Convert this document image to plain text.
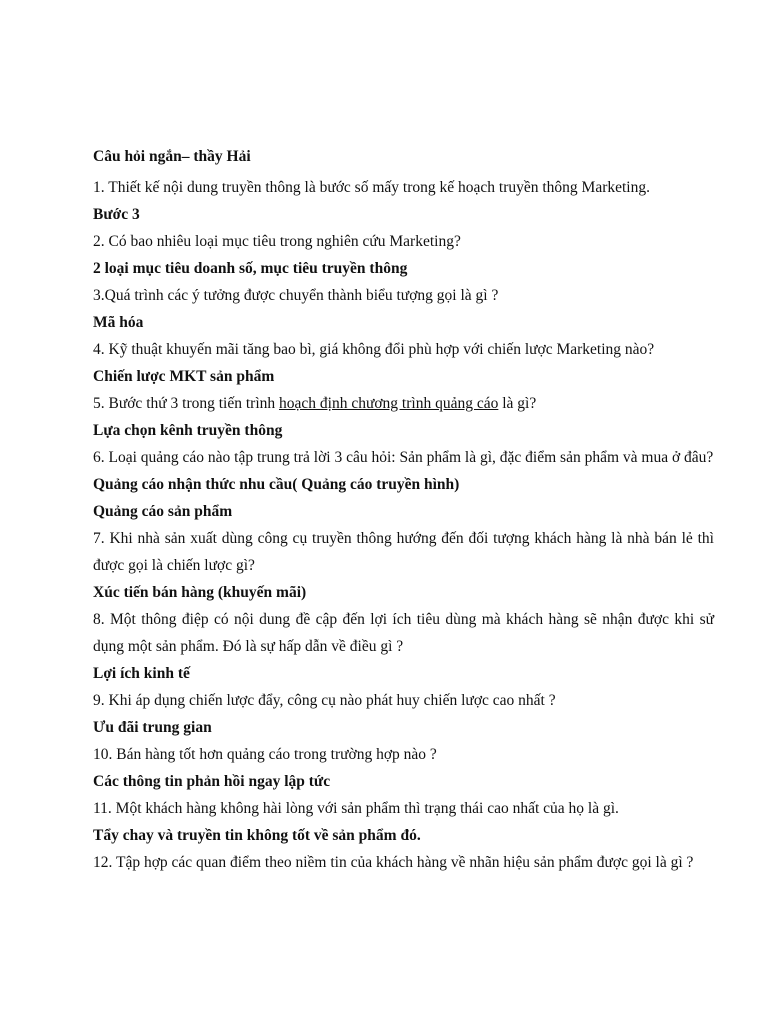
Câu hỏi ngắn– thầy Hải

1. Thiết kế nội dung truyền thông là bước số mấy trong kế hoạch truyền thông Marketing.

Bước 3

2. Có bao nhiêu loại mục tiêu trong nghiên cứu Marketing?

2 loại mục tiêu doanh số, mục tiêu truyền thông

3.Quá trình các ý tưởng được chuyển thành biểu tượng gọi là gì ?

Mã hóa

4. Kỹ thuật khuyến mãi tăng bao bì, giá không đổi phù hợp với chiến lược Marketing nào?

Chiến lược MKT sản phẩm

5. Bước thứ 3 trong tiến trình hoạch định chương trình quảng cáo là gì?

Lựa chọn kênh truyền thông

6. Loại quảng cáo nào tập trung trả lời 3 câu hỏi: Sản phẩm là gì, đặc điểm sản phẩm và mua ở đâu?

Quảng cáo nhận thức nhu cầu( Quảng cáo truyền hình)

Quảng cáo sản phẩm

7. Khi nhà sản xuất dùng công cụ truyền thông hướng đến đối tượng khách hàng là nhà bán lẻ thì được gọi là chiến lược gì?

Xúc tiến bán hàng (khuyến mãi)

8. Một thông điệp có nội dung đề cập đến lợi ích tiêu dùng mà khách hàng sẽ nhận được khi sử dụng một sản phẩm. Đó là sự hấp dẫn về điều gì ?

Lợi ích kinh tế

9. Khi áp dụng chiến lược đẩy, công cụ nào phát huy chiến lược cao nhất ?

Ưu đãi trung gian

10. Bán hàng tốt hơn quảng cáo trong trường hợp nào ?

Các thông tin phản hồi ngay lập tức

11. Một khách hàng không hài lòng với sản phẩm thì trạng thái cao nhất của họ là gì.

Tẩy chay và truyền tin không tốt về sản phẩm đó.

12. Tập hợp các quan điểm theo niềm tin của khách hàng về nhãn hiệu sản phẩm được gọi là gì ?
